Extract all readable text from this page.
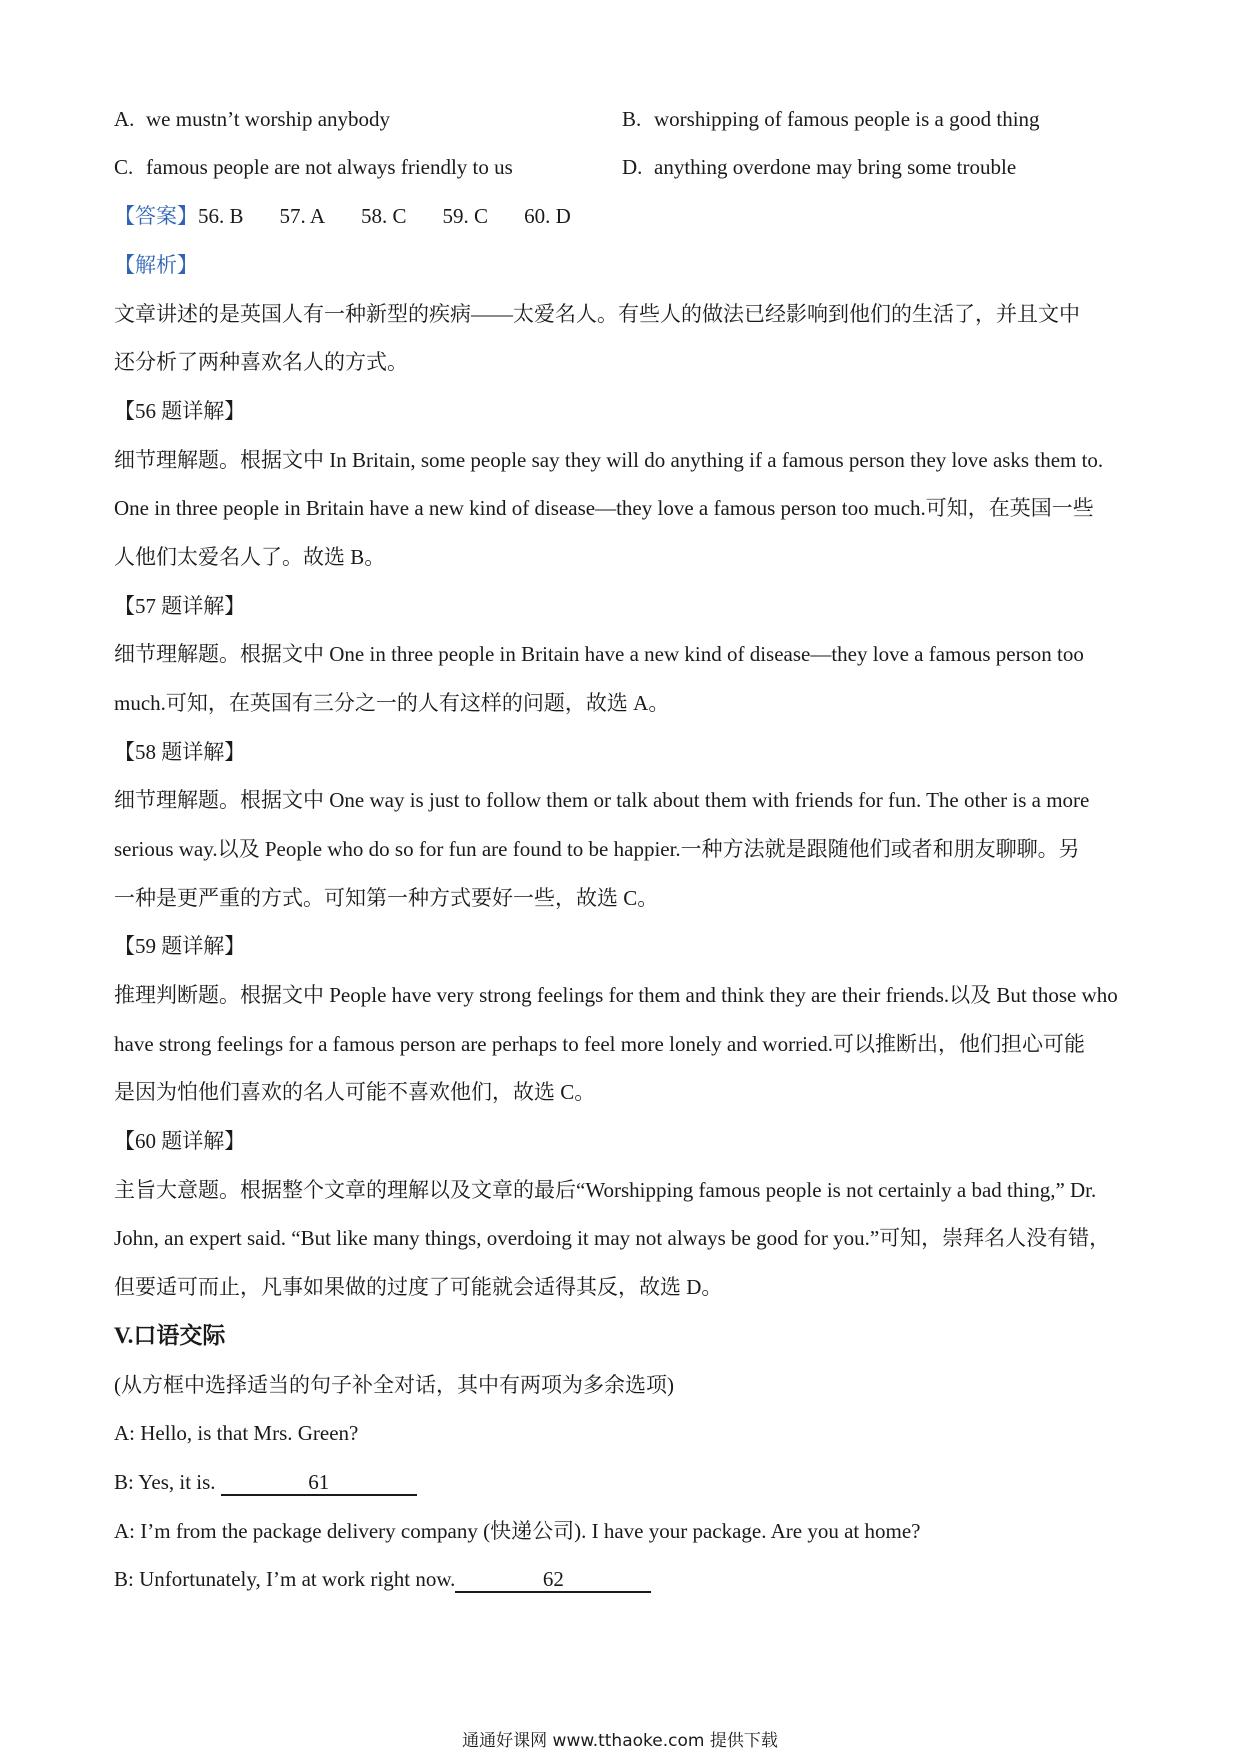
A. we mustn’t worship anybody	B. worshipping of famous people is a good thing
C. famous people are not always friendly to us	D. anything overdone may bring some trouble
【答案】56. B 57. A 58. C 59. C 60. D
【解析】
文章讲述的是英国人有一种新型的疾病——太爱名人。有些人的做法已经影响到他们的生活了，并且文中
还分析了两种喜欢名人的方式。
【56 题详解】
细节理解题。根据文中 In Britain, some people say they will do anything if a famous person they love asks them to.
One in three people in Britain have a new kind of disease—they love a famous person too much.可知，在英国一些
人他们太爱名人了。故选 B。
【57 题详解】
细节理解题。根据文中 One in three people in Britain have a new kind of disease—they love a famous person too
much.可知，在英国有三分之一的人有这样的问题，故选 A。
【58 题详解】
细节理解题。根据文中 One way is just to follow them or talk about them with friends for fun. The other is a more
serious way.以及 People who do so for fun are found to be happier.一种方法就是跟随他们或者和朋友聊聊。另
一种是更严重的方式。可知第一种方式要好一些，故选 C。
【59 题详解】
推理判断题。根据文中 People have very strong feelings for them and think they are their friends.以及 But those who
have strong feelings for a famous person are perhaps to feel more lonely and worried.可以推断出，他们担心可能
是因为怕他们喜欢的名人可能不喜欢他们，故选 C。
【60 题详解】
主旨大意题。根据整个文章的理解以及文章的最后“Worshipping famous people is not certainly a bad thing,” Dr.
John, an expert said. “But like many things, overdoing it may not always be good for you.”可知，崇拜名人没有错，
但要适可而止，凡事如果做的过度了可能就会适得其反，故选 D。
V.口语交际
(从方框中选择适当的句子补全对话，其中有两项为多余选项)
A: Hello, is that Mrs. Green?
B: Yes, it is.	61
A: I’m from the package delivery company (快递公司). I have your package. Are you at home?
B: Unfortunately, I’m at work right now.	62
通通好课网 www.tthaoke.com 提供下载
